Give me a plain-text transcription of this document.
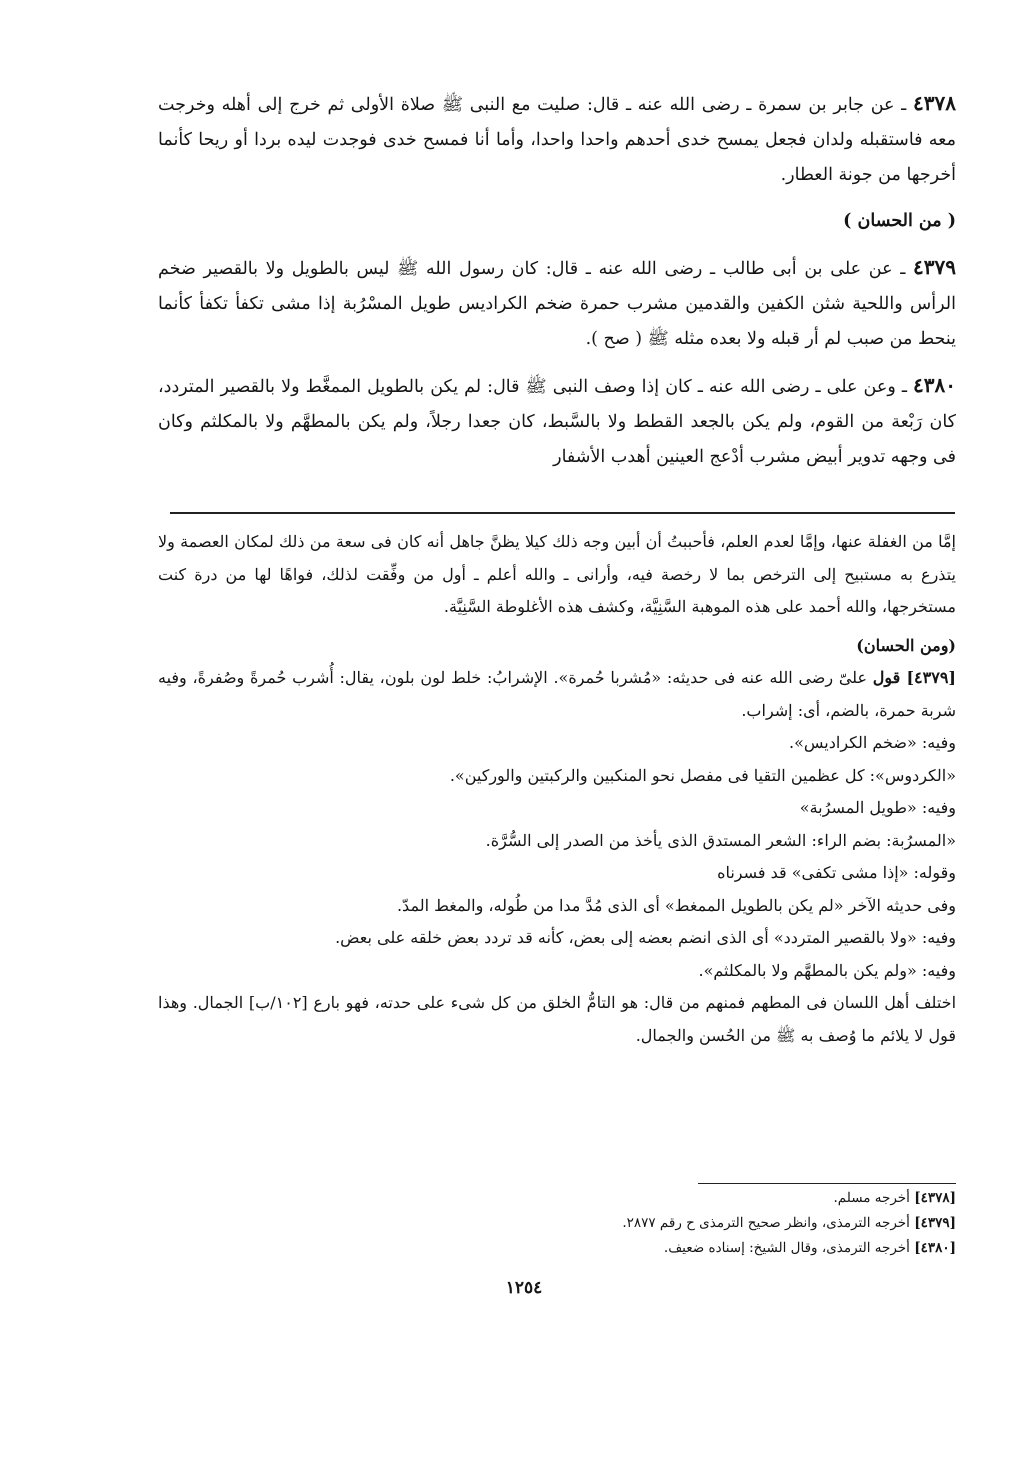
٤٣٧٨ ـ عن جابر بن سمرة ـ رضى الله عنه ـ قال: صليت مع النبى ﷺ صلاة الأولى ثم خرج إلى أهله وخرجت معه فاستقبله ولدان فجعل يمسح خدى أحدهم واحدا واحدا، وأما أنا فمسح خدى فوجدت ليده بردا أو ريحا كأنما أخرجها من جونة العطار.

( من الحسان )

٤٣٧٩ ـ عن على بن أبى طالب ـ رضى الله عنه ـ قال: كان رسول الله ﷺ ليس بالطويل ولا بالقصير ضخم الرأس واللحية شثن الكفين والقدمين مشرب حمرة ضخم الكراديس طويل المسْرُبة إذا مشى تكفأ تكفأ كأنما ينحط من صبب لم أر قبله ولا بعده مثله ﷺ ( صح ).

٤٣٨٠ ـ وعن على ـ رضى الله عنه ـ كان إذا وصف النبى ﷺ قال: لم يكن بالطويل الممغَّط ولا بالقصير المتردد، كان رَبْعة من القوم، ولم يكن بالجعد القطط ولا بالسَّبط، كان جعدا رجلاً، ولم يكن بالمطهَّم ولا بالمكلثم وكان فى وجهه تدوير أبيض مشرب أدْعج العينين أهدب الأشفار

إمَّا من الغفلة عنها، وإمَّا لعدم العلم، فأحببتُ أن أبين وجه ذلك كيلا يظنَّ جاهل أنه كان فى سعة من ذلك لمكان العصمة ولا يتذرع به مستبيح إلى الترخص بما لا رخصة فيه، وأرانى ـ والله أعلم ـ أول من وفِّقت لذلك، فواهًا لها من درة كنت مستخرجها، والله أحمد على هذه الموهبة السَّنِيَّة، وكشف هذه الأغلوطة السَّنِيَّة.

(ومن الحسان)

[٤٣٧٩] قول علىّ رضى الله عنه فى حديثه: «مُشربا حُمرة». الإشرابُ: خلط لون بلون، يقال: أُشرب حُمرةً وصُفرةً، وفيه شربة حمرة، بالضم، أى: إشراب.

وفيه: «ضخم الكراديس».

«الكردوس»: كل عظمين التقيا فى مفصل نحو المنكبين والركبتين والوركين».

وفيه: «طويل المسرُبة»

«المسرُبة: بضم الراء: الشعر المستدق الذى يأخذ من الصدر إلى السُّرَّة.

وقوله: «إذا مشى تكفى» قد فسرناه

وفى حديثه الآخر «لم يكن بالطويل الممغط» أى الذى مُدَّ مدا من طُوله، والمغط المدّ.

وفيه: «ولا بالقصير المتردد» أى الذى انضم بعضه إلى بعض، كأنه قد تردد بعض خلقه على بعض.

وفيه: «ولم يكن بالمطهَّم ولا بالمكلثم».

اختلف أهل اللسان فى المطهم فمنهم من قال: هو التامُّ الخلق من كل شىء على حدته، فهو بارع [١٠٢/ب] الجمال. وهذا قول لا يلائم ما وُصف به ﷺ من الحُسن والجمال.

[٤٣٧٨] أخرجه مسلم.

[٤٣٧٩] أخرجه الترمذى، وانظر صحيح الترمذى ح رقم ٢٨٧٧.

[٤٣٨٠] أخرجه الترمذى، وقال الشيخ: إسناده ضعيف.

١٢٥٤
